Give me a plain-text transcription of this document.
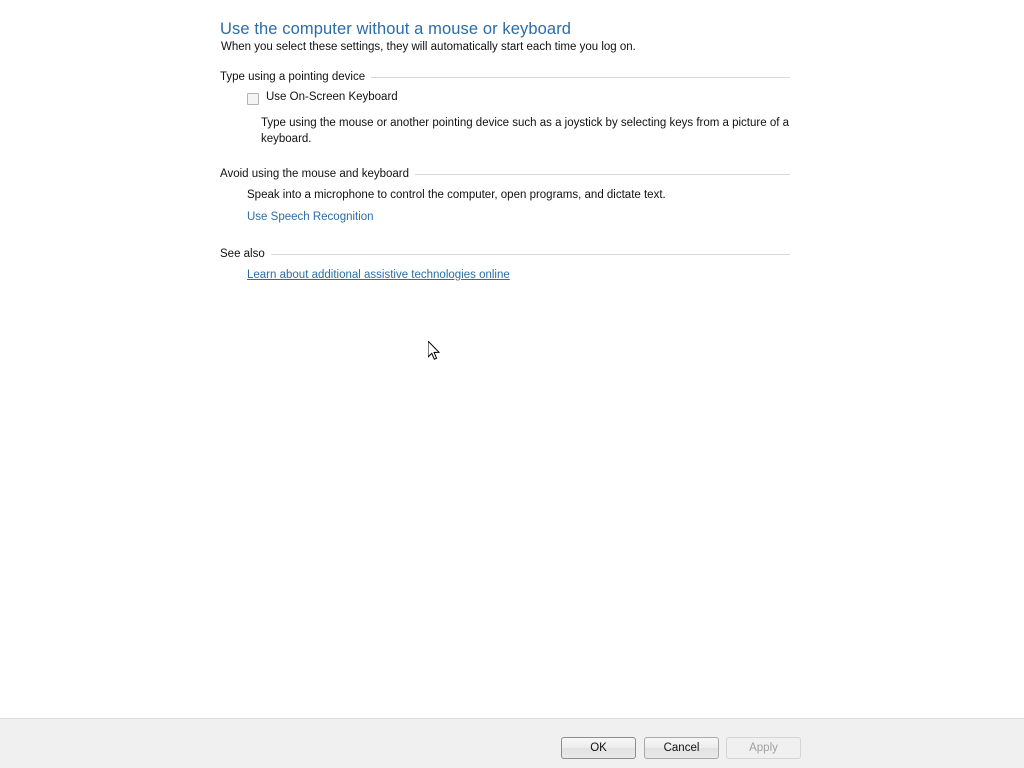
Use the computer without a mouse or keyboard
When you select these settings, they will automatically start each time you log on.
Type using a pointing device
Use On-Screen Keyboard
Type using the mouse or another pointing device such as a joystick by selecting keys from a picture of a keyboard.
Avoid using the mouse and keyboard
Speak into a microphone to control the computer, open programs, and dictate text.
Use Speech Recognition
See also
Learn about additional assistive technologies online
OK	Cancel	Apply
